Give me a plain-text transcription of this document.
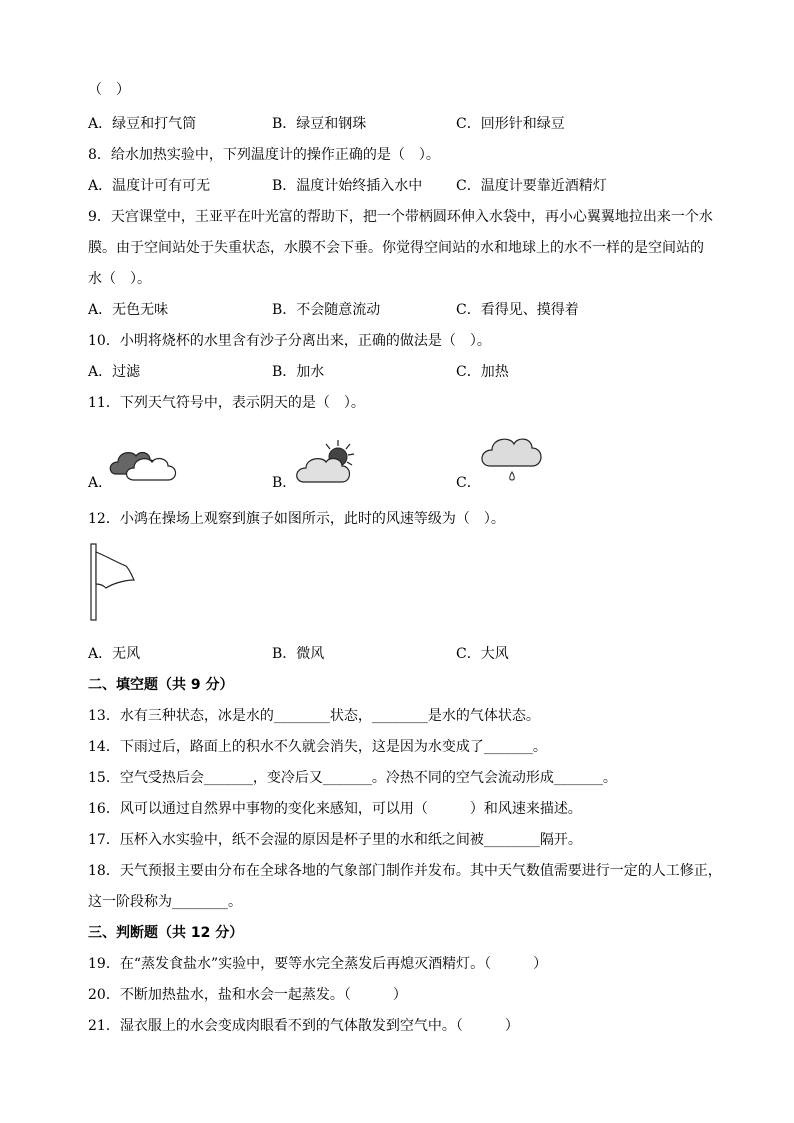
（　）
A．绿豆和打气筒	B．绿豆和钢珠	C．回形针和绿豆
8．给水加热实验中，下列温度计的操作正确的是（　）。
A．温度计可有可无	B．温度计始终插入水中 C．温度计要靠近酒精灯
9．天宫课堂中，王亚平在叶光富的帮助下，把一个带柄圆环伸入水袋中，再小心翼翼地拉出来一个水
膜。由于空间站处于失重状态，水膜不会下垂。你觉得空间站的水和地球上的水不一样的是空间站的
水（　）。
A．无色无味	B．不会随意流动	C．看得见、摸得着
10．小明将烧杯的水里含有沙子分离出来，正确的做法是（　）。
A．过滤	B．加水	C．加热
11．下列天气符号中，表示阴天的是（　）。
A．	B．	C．
12．小鸿在操场上观察到旗子如图所示，此时的风速等级为（　）。
A．无风	B．微风	C．大风
二、填空题（共 9 分）
13．水有三种状态，冰是水的________状态，________是水的气体状态。
14．下雨过后，路面上的积水不久就会消失，这是因为水变成了_______。
15．空气受热后会_______，变冷后又_______。冷热不同的空气会流动形成_______。
16．风可以通过自然界中事物的变化来感知，可以用（　　　）和风速来描述。
17．压杯入水实验中，纸不会湿的原因是杯子里的水和纸之间被________隔开。
18．天气预报主要由分布在全球各地的气象部门制作并发布。其中天气数值需要进行一定的人工修正，
这一阶段称为________。
三、判断题（共 12 分）
19．在“蒸发食盐水”实验中，要等水完全蒸发后再熄灭酒精灯。（　　　）
20．不断加热盐水，盐和水会一起蒸发。（　　　）
21．湿衣服上的水会变成肉眼看不到的气体散发到空气中。（　　　）
